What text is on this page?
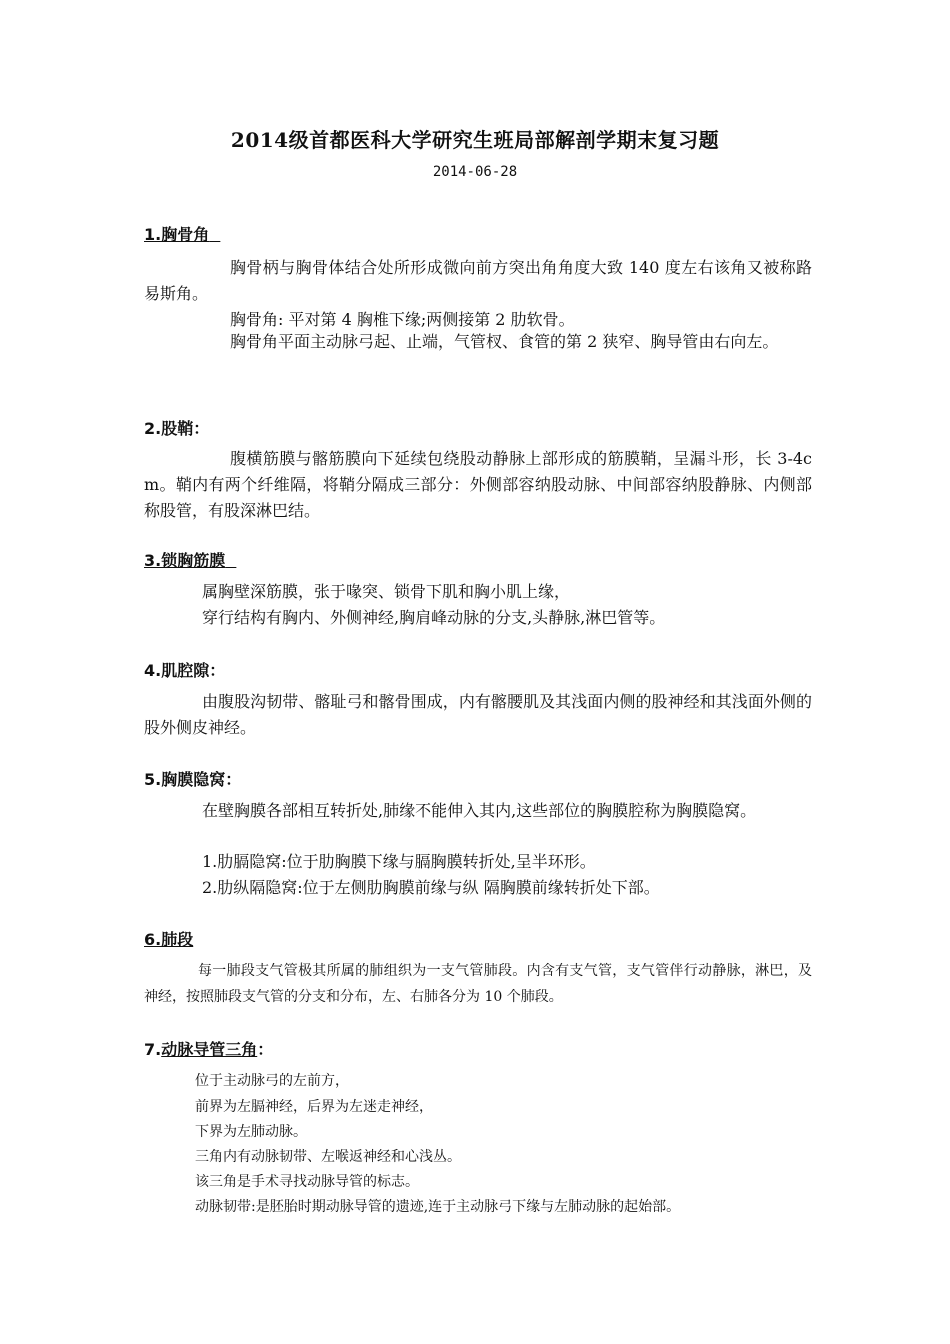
2014级首都医科大学研究生班局部解剖学期末复习题
2014-06-28
1.胸骨角
胸骨柄与胸骨体结合处所形成微向前方突出角角度大致 140 度左右该角又被称路易斯角。
胸骨角: 平对第 4 胸椎下缘;两侧接第 2 肋软骨。
胸骨角平面主动脉弓起、止端，气管杈、食管的第 2 狭窄、胸导管由右向左。
2.股鞘：
腹横筋膜与髂筋膜向下延续包绕股动静脉上部形成的筋膜鞘，呈漏斗形，长 3-4cm。鞘内有两个纤维隔，将鞘分隔成三部分：外侧部容纳股动脉、中间部容纳股静脉、内侧部称股管，有股深淋巴结。
3.锁胸筋膜
属胸壁深筋膜，张于喙突、锁骨下肌和胸小肌上缘，
穿行结构有胸内、外侧神经,胸肩峰动脉的分支,头静脉,淋巴管等。
4.肌腔隙：
由腹股沟韧带、髂耻弓和髂骨围成，内有髂腰肌及其浅面内侧的股神经和其浅面外侧的股外侧皮神经。
5.胸膜隐窝：
在壁胸膜各部相互转折处,肺缘不能伸入其内,这些部位的胸膜腔称为胸膜隐窝。
1.肋膈隐窝:位于肋胸膜下缘与膈胸膜转折处,呈半环形。
2.肋纵隔隐窝:位于左侧肋胸膜前缘与纵 隔胸膜前缘转折处下部。
6.肺段
每一肺段支气管极其所属的肺组织为一支气管肺段。内含有支气管，支气管伴行动静脉，淋巴，及神经，按照肺段支气管的分支和分布，左、右肺各分为 10 个肺段。
7.动脉导管三角：
位于主动脉弓的左前方，
前界为左膈神经，后界为左迷走神经，
下界为左肺动脉。
三角内有动脉韧带、左喉返神经和心浅丛。
该三角是手术寻找动脉导管的标志。
动脉韧带:是胚胎时期动脉导管的遗迹,连于主动脉弓下缘与左肺动脉的起始部。
